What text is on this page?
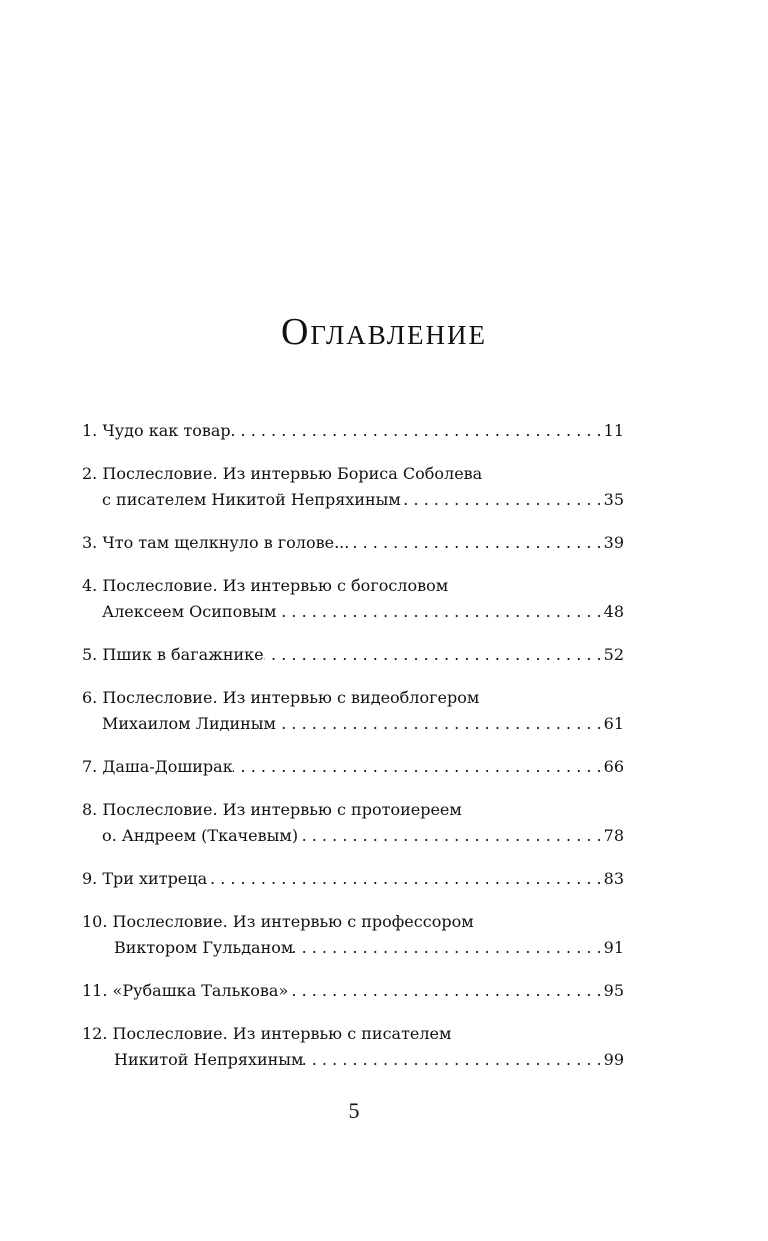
Оглавление
1.
Чудо как товар . . .	11
2.
Послесловие. Из интервью Бориса Соболева
с писателем Никитой Непряхиным . . .	35
3.
Что там щелкнуло в голове... . . .	39
4.
Послесловие. Из интервью с богословом
Алексеем Осиповым . . .	48
5.
Пшик в багажнике . . .	52
6.
Послесловие. Из интервью с видеоблогером
Михаилом Лидиным . . .	61
7.
Даша-Доширак . . .	66
8.
Послесловие. Из интервью с протоиереем
о. Андреем (Ткачевым) . . .	78
9.
Три хитреца . . .	83
10.
Послесловие. Из интервью с профессором
Виктором Гульданом . . .	91
11.
«Рубашка Талькова» . . .	95
12.
Послесловие. Из интервью с писателем
Никитой Непряхиным . . .	99
5
